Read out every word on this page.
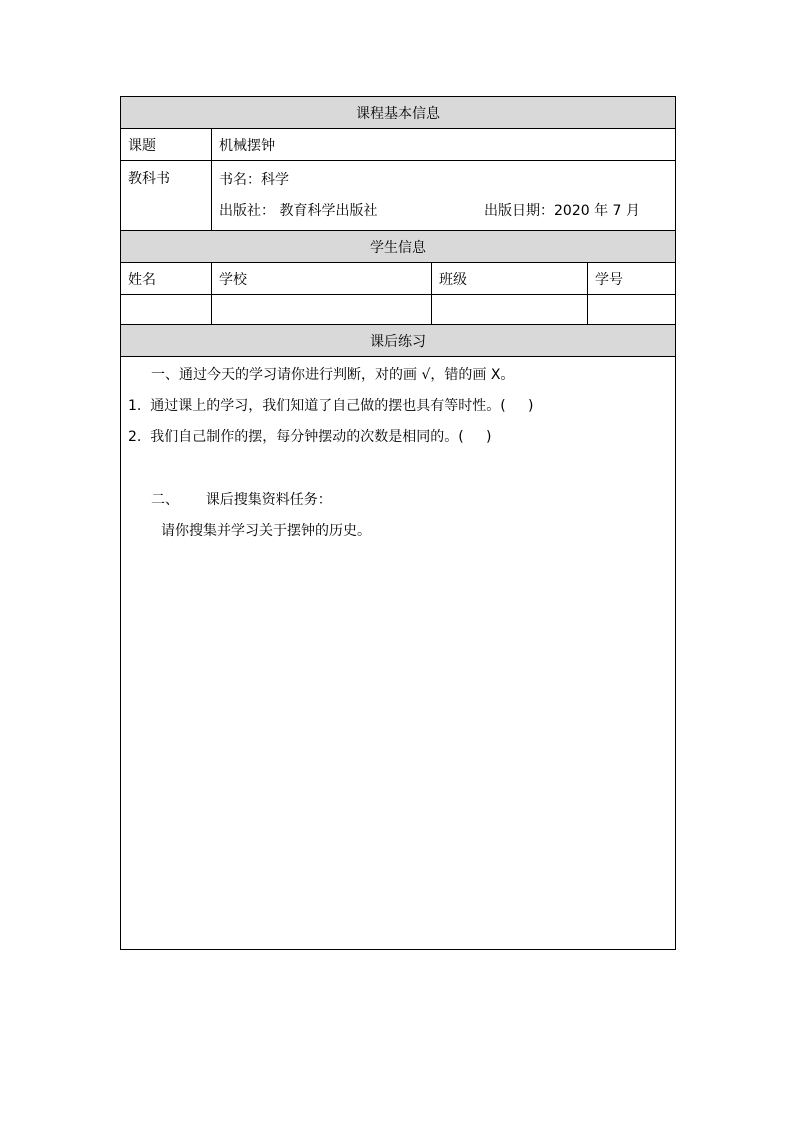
课程基本信息			
课题	机械摆钟		
教科书	书名：科学
出版社： 教育科学出版社 出版日期：2020 年 7 月		

学生信息			
姓名	学校	班级	学号

课后练习			

一、通过今天的学习请你进行判断，对的画 √，错的画 X。
1.  通过课上的学习，我们知道了自己做的摆也具有等时性。(     )
2.  我们自己制作的摆，每分钟摆动的次数是相同的。(     )
二、      课后搜集资料任务：
请你搜集并学习关于摆钟的历史。			
